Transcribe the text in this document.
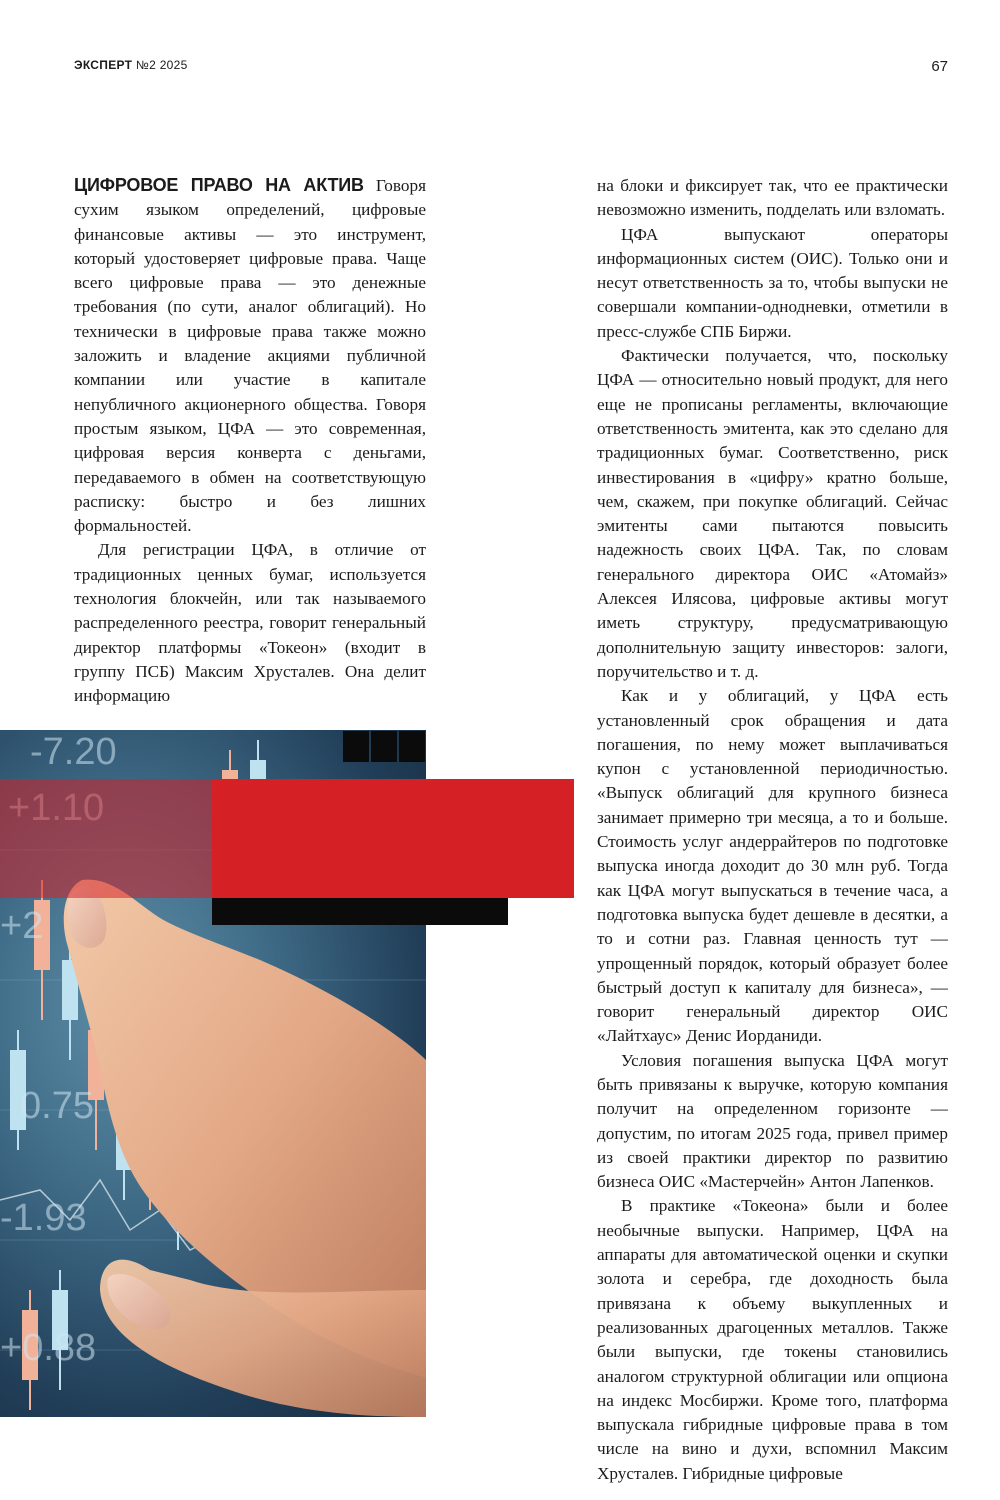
ЭКСПЕРТ №2 2025	67

ЦИФРОВОЕ ПРАВО НА АКТИВ Говоря сухим языком определений, цифровые финансовые активы — это инструмент, который удостоверяет цифровые права. Чаще всего цифровые права — это денежные требования (по сути, аналог облигаций). Но технически в цифровые права также можно заложить и владение акциями публичной компании или участие в капитале непубличного акционерного общества. Говоря простым языком, ЦФА — это современная, цифровая версия конверта с деньгами, передаваемого в обмен на соответствующую расписку: быстро и без лишних формальностей.

Для регистрации ЦФА, в отличие от традиционных ценных бумаг, используется технология блокчейн, или так называемого распределенного реестра, говорит генеральный директор платформы «Токеон» (входит в группу ПСБ) Максим Хрусталев. Она делит информацию

на блоки и фиксирует так, что ее практически невозможно изменить, подделать или взломать.

ЦФА выпускают операторы информационных систем (ОИС). Только они и несут ответственность за то, чтобы выпуски не совершали компании-однодневки, отметили в пресс-службе СПБ Биржи.

Фактически получается, что, поскольку ЦФА — относительно новый продукт, для него еще не прописаны регламенты, включающие ответственность эмитента, как это сделано для традиционных бумаг. Соответственно, риск инвестирования в «цифру» кратно больше, чем, скажем, при покупке облигаций. Сейчас эмитенты сами пытаются повысить надежность своих ЦФА. Так, по словам генерального директора ОИС «Атомайз» Алексея Илясова, цифровые активы могут иметь структуру, предусматривающую дополнительную защиту инвесторов: залоги, поручительство и т. д.

Как и у облигаций, у ЦФА есть установленный срок обращения и дата погашения, по нему может выплачиваться купон с установленной периодичностью. «Выпуск облигаций для крупного бизнеса занимает примерно три месяца, а то и больше. Стоимость услуг андеррайтеров по подготовке выпуска иногда доходит до 30 млн руб. Тогда как ЦФА могут выпускаться в течение часа, а подготовка выпуска будет дешевле в десятки, а то и сотни раз. Главная ценность тут — упрощенный порядок, который образует более быстрый доступ к капиталу для бизнеса», — говорит генеральный директор ОИС «Лайтхаус» Денис Иорданиди.

Условия погашения выпуска ЦФА могут быть привязаны к выручке, которую компания получит на определенном горизонте — допустим, по итогам 2025 года, привел пример из своей практики директор по развитию бизнеса ОИС «Мастерчейн» Антон Лапенков.

В практике «Токеона» были и более необычные выпуски. Например, ЦФА на аппараты для автоматической оценки и скупки золота и серебра, где доходность была привязана к объему выкупленных и реализованных драгоценных металлов. Также были выпуски, где токены становились аналогом структурной облигации или опциона на индекс Мосбиржи. Кроме того, платформа выпускала гибридные цифровые права в том числе на вино и духи, вспомнил Максим Хрусталев. Гибридные цифровые

-7.20
+2
0.75
-1.93
+0.88
